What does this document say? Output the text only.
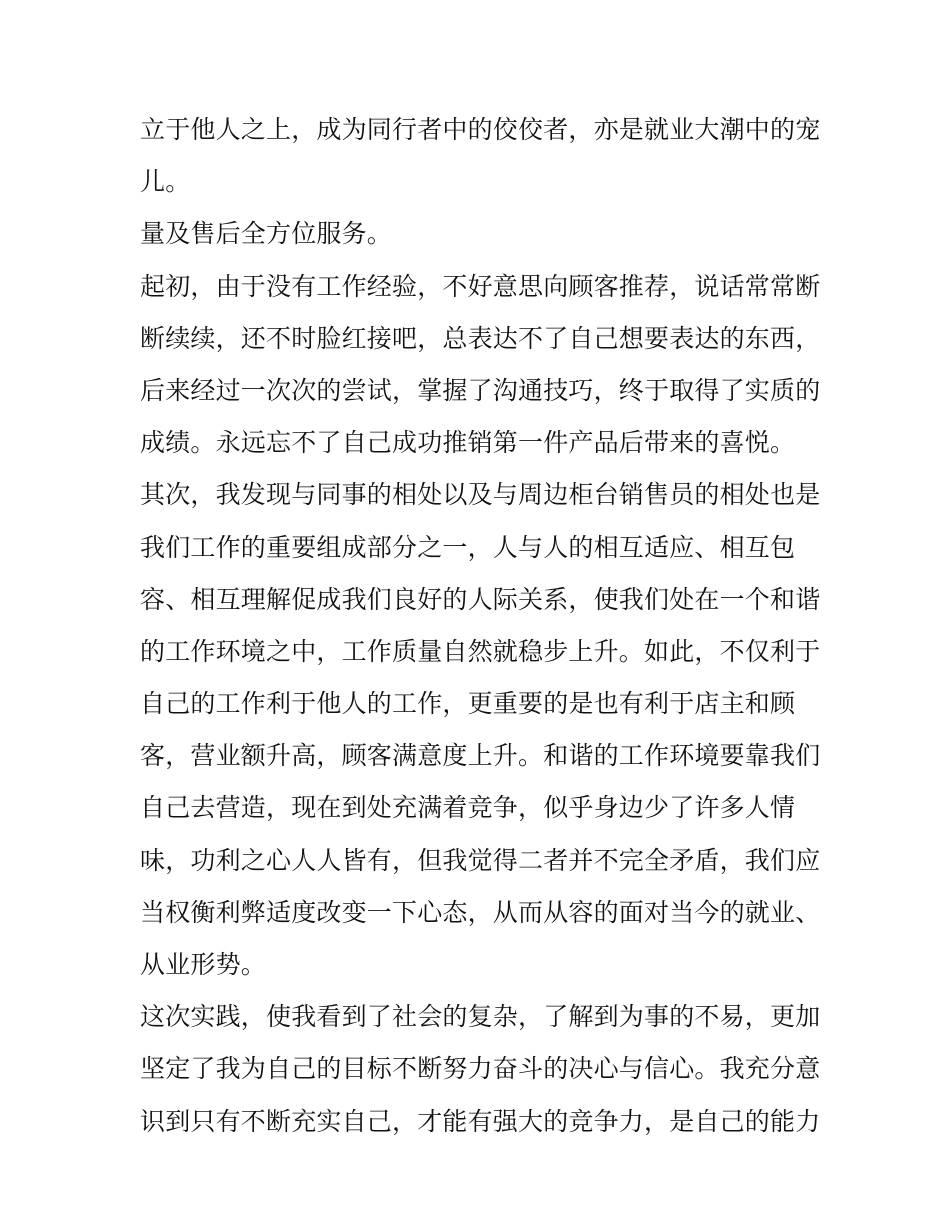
立于他人之上，成为同行者中的佼佼者，亦是就业大潮中的宠

儿。

量及售后全方位服务。

起初，由于没有工作经验，不好意思向顾客推荐，说话常常断

断续续，还不时脸红接吧，总表达不了自己想要表达的东西，

后来经过一次次的尝试，掌握了沟通技巧，终于取得了实质的

成绩。永远忘不了自己成功推销第一件产品后带来的喜悦。

其次，我发现与同事的相处以及与周边柜台销售员的相处也是

我们工作的重要组成部分之一，人与人的相互适应、相互包

容、相互理解促成我们良好的人际关系，使我们处在一个和谐

的工作环境之中，工作质量自然就稳步上升。如此，不仅利于

自己的工作利于他人的工作，更重要的是也有利于店主和顾

客，营业额升高，顾客满意度上升。和谐的工作环境要靠我们

自己去营造，现在到处充满着竞争，似乎身边少了许多人情

味，功利之心人人皆有，但我觉得二者并不完全矛盾，我们应

当权衡利弊适度改变一下心态，从而从容的面对当今的就业、

从业形势。

这次实践，使我看到了社会的复杂，了解到为事的不易，更加

坚定了我为自己的目标不断努力奋斗的决心与信心。我充分意

识到只有不断充实自己，才能有强大的竞争力，是自己的能力
